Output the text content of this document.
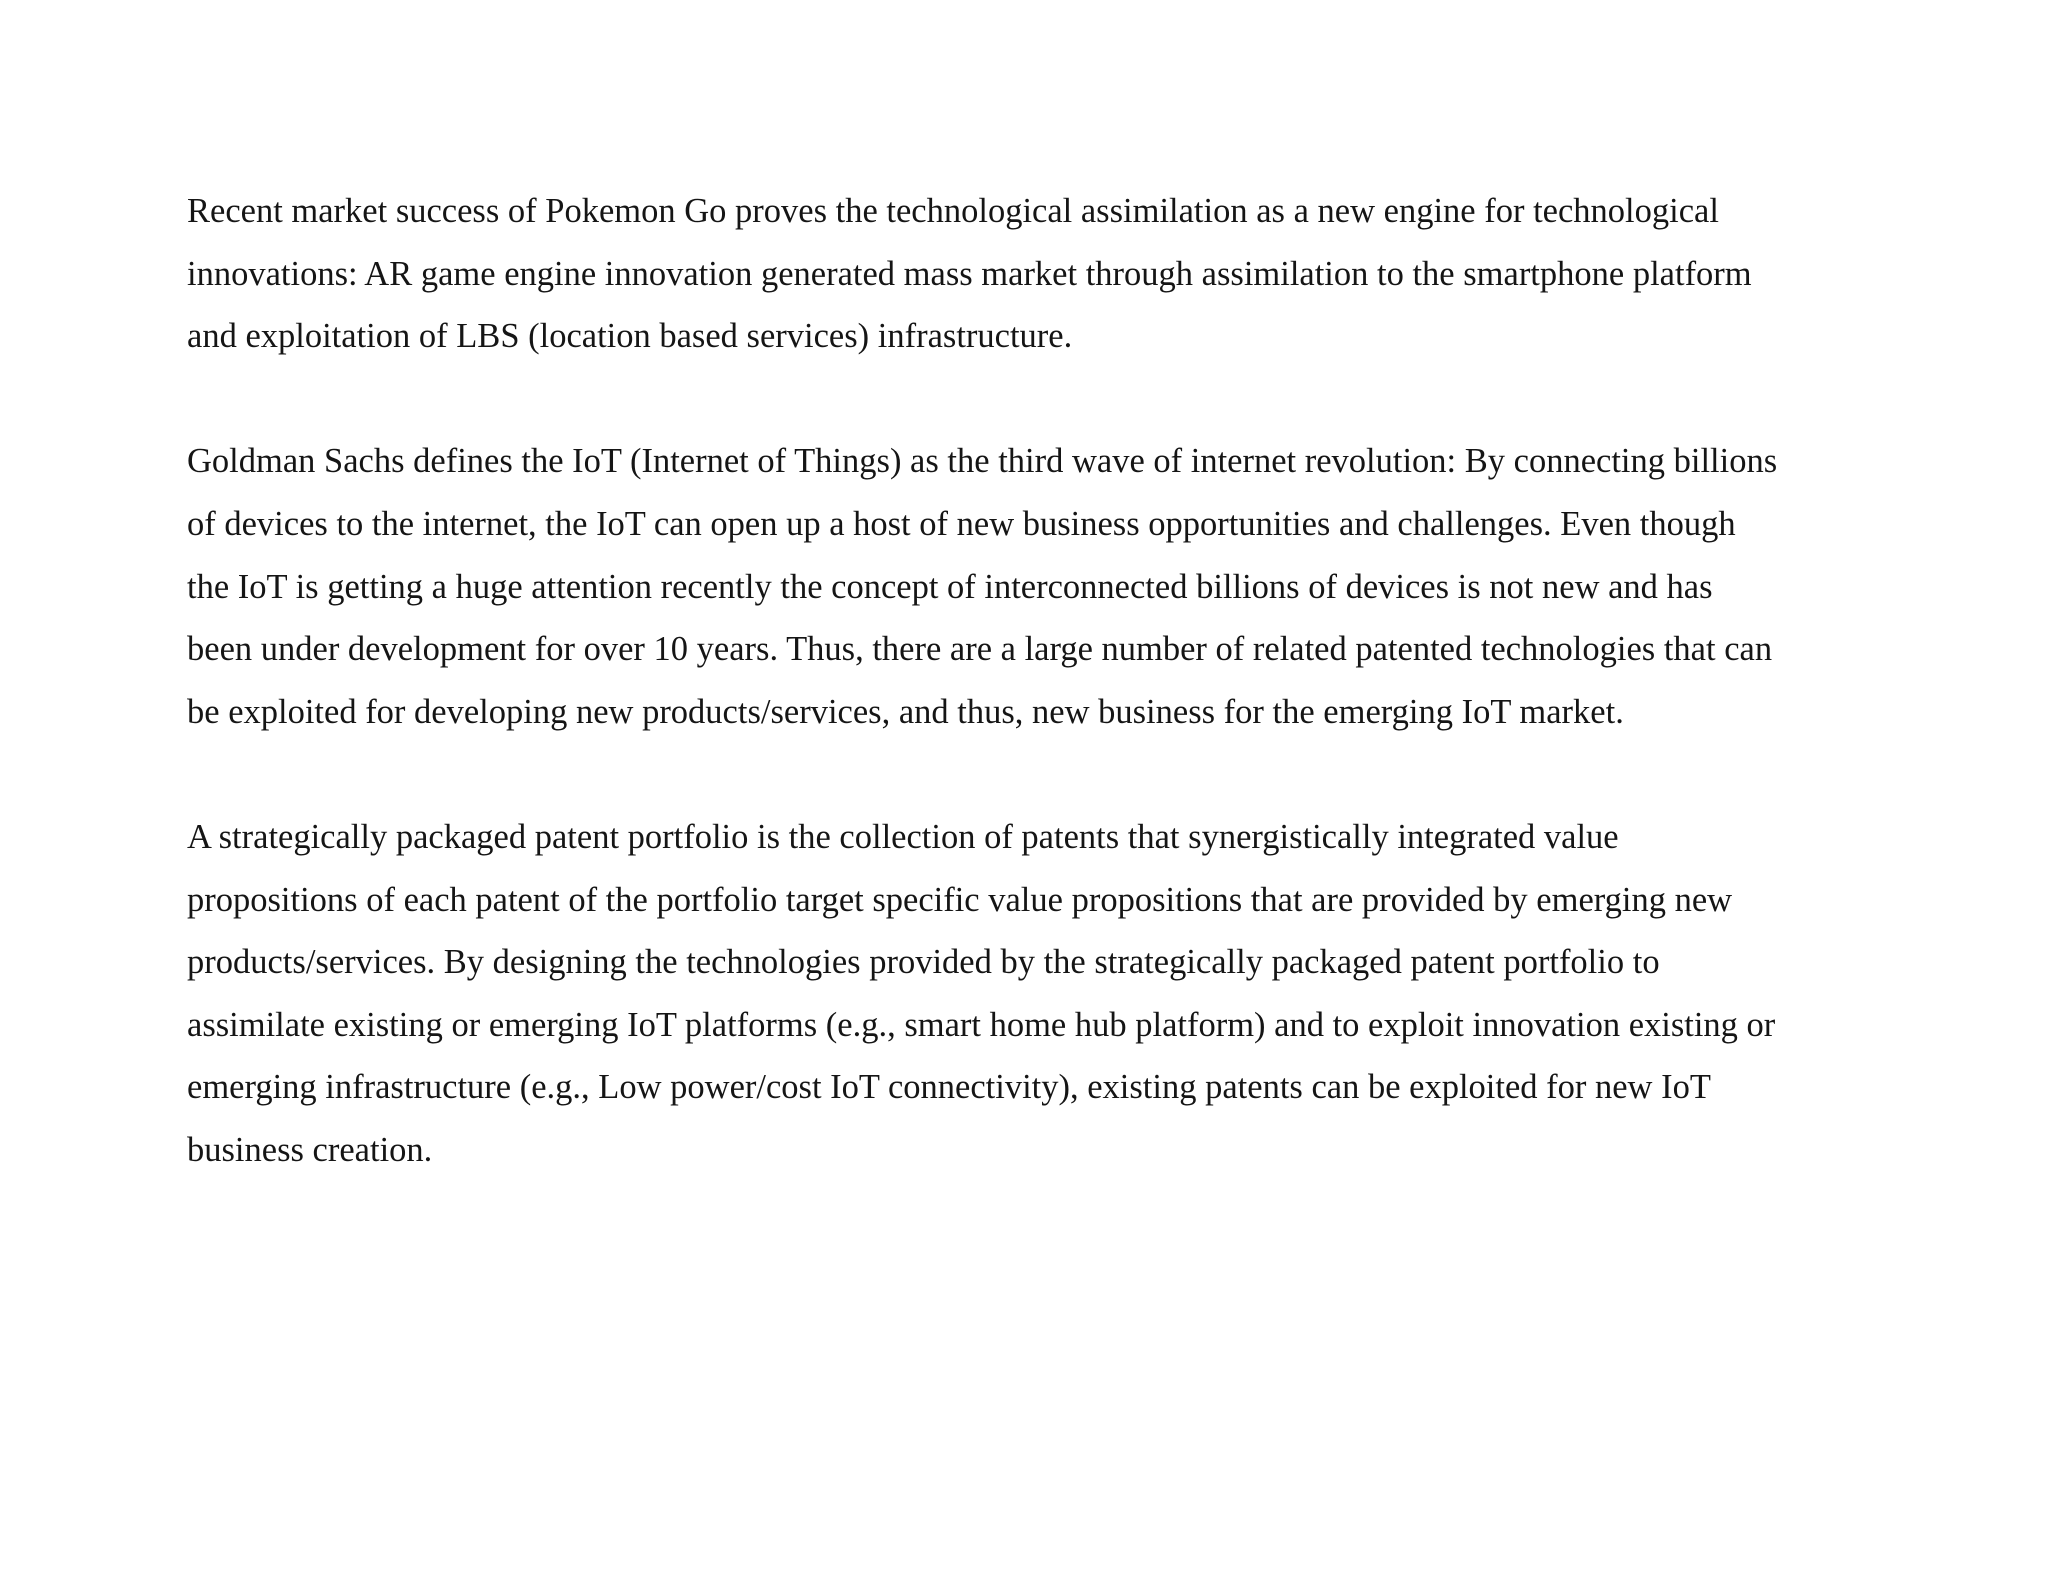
Recent market success of Pokemon Go proves the technological assimilation as a new engine for technological
innovations: AR game engine innovation generated mass market through assimilation to the smartphone platform
and exploitation of LBS (location based services) infrastructure.

Goldman Sachs defines the IoT (Internet of Things) as the third wave of internet revolution: By connecting billions
of devices to the internet, the IoT can open up a host of new business opportunities and challenges. Even though
the IoT is getting a huge attention recently the concept of interconnected billions of devices is not new and has
been under development for over 10 years. Thus, there are a large number of related patented technologies that can
be exploited for developing new products/services, and thus, new business for the emerging IoT market.

A strategically packaged patent portfolio is the collection of patents that synergistically integrated value
propositions of each patent of the portfolio target specific value propositions that are provided by emerging new
products/services. By designing the technologies provided by the strategically packaged patent portfolio to
assimilate existing or emerging IoT platforms (e.g., smart home hub platform) and to exploit innovation existing or
emerging infrastructure (e.g., Low power/cost IoT connectivity), existing patents can be exploited for new IoT
business creation.
